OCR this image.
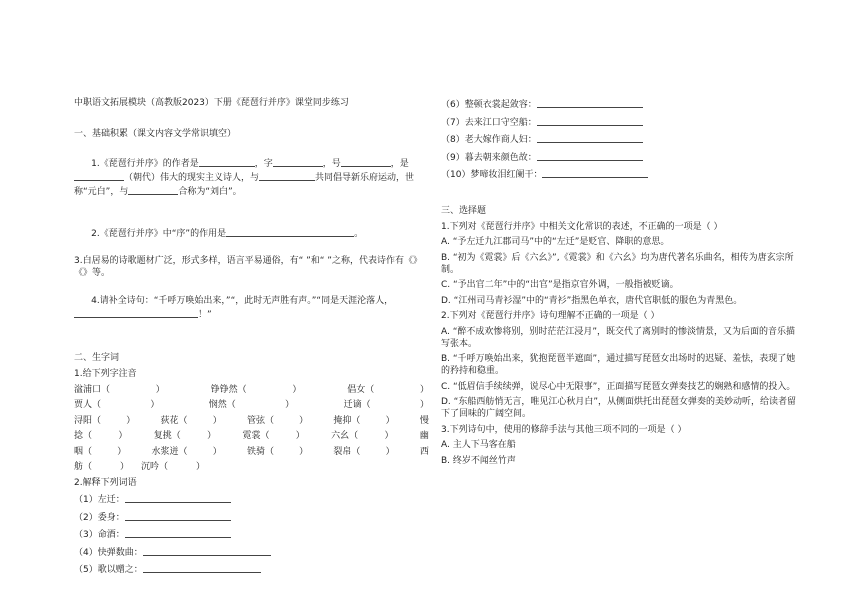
中职语文拓展模块（高教版2023）下册《琵琶行并序》课堂同步练习
一、基础积累（课文内容文学常识填空）

1.《琵琶行并序》的作者是	，字	，号	，是（朝代）伟大的现实主义诗人，与	共同倡导新乐府运动，世称“元白”，与	合称为“刘白”。

2.《琵琶行并序》中“序”的作用是	。

3.白居易的诗歌题材广泛，形式多样，语言平易通俗，有“ ”和“ ”之称，代表诗作有《》《》等。

4.请补全诗句：“千呼万唤始出来，”“，此时无声胜有声。”“同是天涯沦落人，！”

二、生字词
1.给下列字注音
湓浦口（	）	铮铮然（	）	倡女（	）
贾人（	）	悯然（	）	迁谪（	）
浔阳（	）	荻花（	）	管弦（	）	掩抑（	）	慢
捻（	）	复挑（	）	霓裳（	）	六幺（	）	幽
咽（	）	水浆迸（	）	铁骑（	）	裂帛（	）	西
舫（	） 沉吟（	）
2.解释下列词语
（1）左迁：
（2）委身：
（3）命酒：
（4）快弹数曲：
（5）歌以赠之：
（6）整顿衣裳起敛容：
（7）去来江口守空船：
（8）老大嫁作商人妇：
（9）暮去朝来颜色故：
（10）梦啼妆泪红阑干：
三、选择题
1.下列对《琵琶行并序》中相关文化常识的表述，不正确的一项是（ ）
A. “予左迁九江郡司马”中的“左迁”是贬官、降职的意思。
B. “初为《霓裳》后《六幺》”,《霓裳》和《六幺》均为唐代著名乐曲名，相传为唐玄宗所制。
C. “予出官二年”中的“出官”是指京官外调，一般指被贬谪。
D. “江州司马青衫湿”中的“青衫”指黑色单衣，唐代官职低的服色为青黑色。
2.下列对《琵琶行并序》诗句理解不正确的一项是（ ）
A. “醉不成欢惨将别，别时茫茫江浸月”，既交代了离别时的惨淡情景，又为后面的音乐描写张本。
B. “千呼万唤始出来，犹抱琵琶半遮面”，通过描写琵琶女出场时的迟疑、羞怯，表现了她的矜持和稳重。
C. “低眉信手续续弹，说尽心中无限事”，正面描写琵琶女弹奏技艺的娴熟和感情的投入。
D. “东船西舫悄无言，唯见江心秋月白”，从侧面烘托出琵琶女弹奏的美妙动听，给读者留下了回味的广阔空间。
3.下列诗句中，使用的修辞手法与其他三项不同的一项是（ ）
A. 主人下马客在船
B. 终岁不闻丝竹声
